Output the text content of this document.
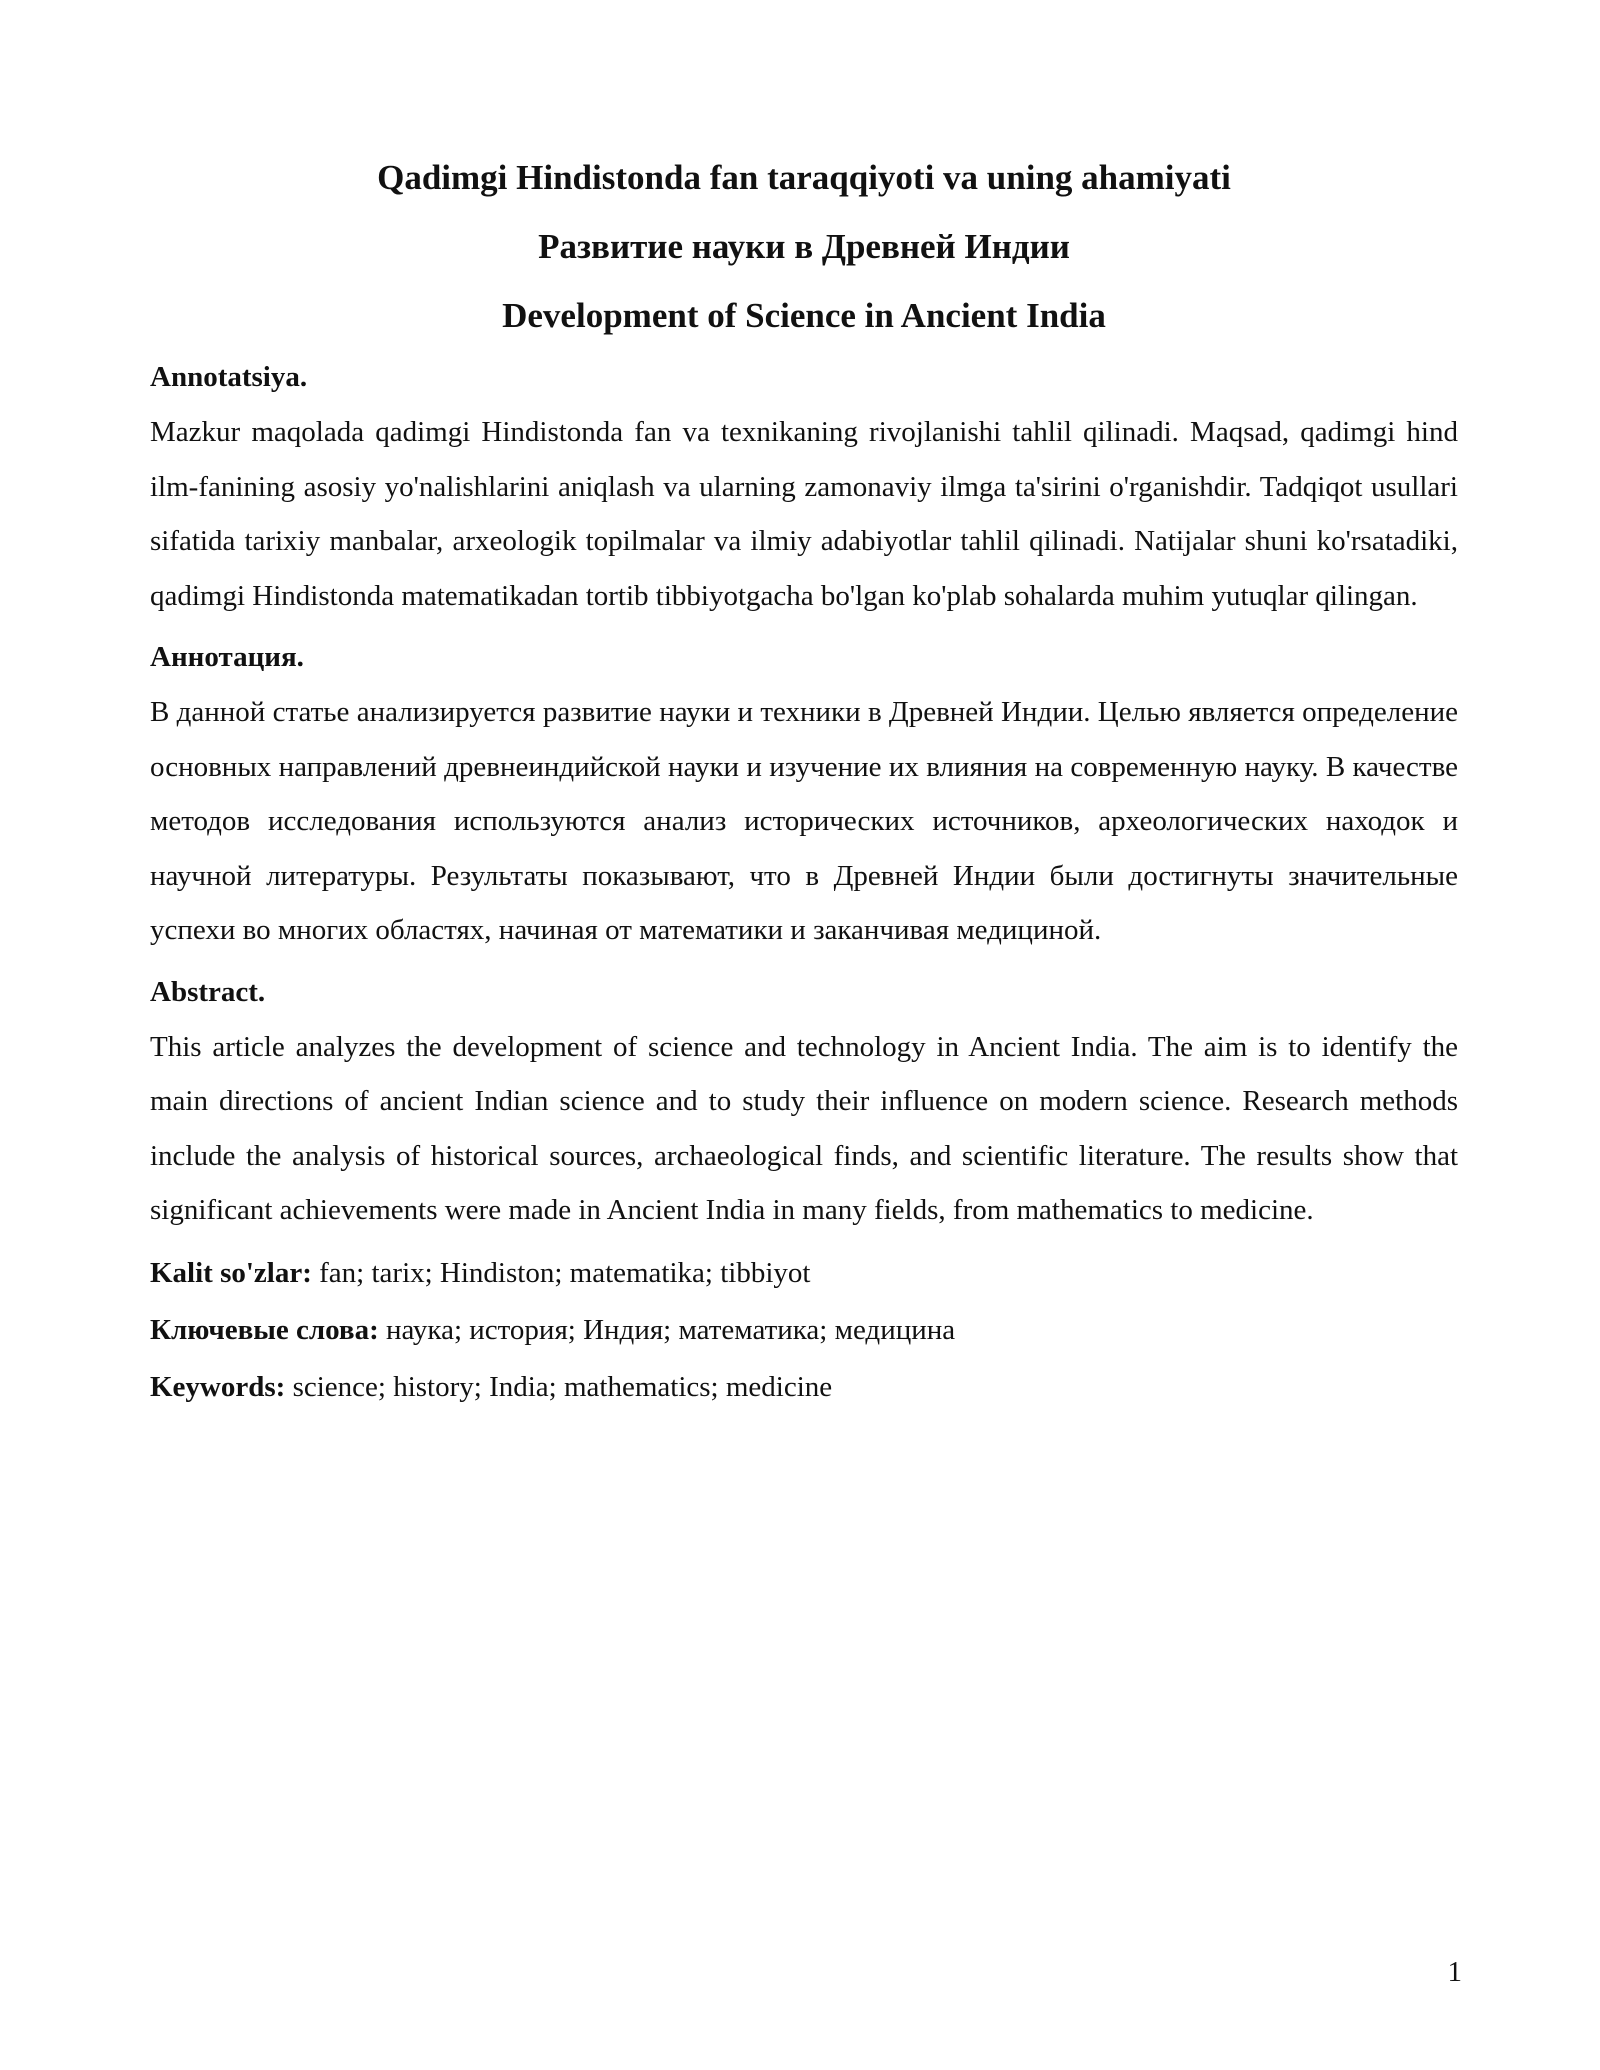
Qadimgi Hindistonda fan taraqqiyoti va uning ahamiyati

Развитие науки в Древней Индии

Development of Science in Ancient India

Annotatsiya.

Mazkur maqolada qadimgi Hindistonda fan va texnikaning rivojlanishi tahlil qilinadi. Maqsad, qadimgi hind ilm-fanining asosiy yo'nalishlarini aniqlash va ularning zamonaviy ilmga ta'sirini o'rganishdir. Tadqiqot usullari sifatida tarixiy manbalar, arxeologik topilmalar va ilmiy adabiyotlar tahlil qilinadi. Natijalar shuni ko'rsatadiki, qadimgi Hindistonda matematikadan tortib tibbiyotgacha bo'lgan ko'plab sohalarda muhim yutuqlar qilingan.

Аннотация.

В данной статье анализируется развитие науки и техники в Древней Индии. Целью является определение основных направлений древнеиндийской науки и изучение их влияния на современную науку. В качестве методов исследования используются анализ исторических источников, археологических находок и научной литературы. Результаты показывают, что в Древней Индии были достигнуты значительные успехи во многих областях, начиная от математики и заканчивая медициной.

Abstract.

This article analyzes the development of science and technology in Ancient India. The aim is to identify the main directions of ancient Indian science and to study their influence on modern science. Research methods include the analysis of historical sources, archaeological finds, and scientific literature. The results show that significant achievements were made in Ancient India in many fields, from mathematics to medicine.

Kalit so'zlar: fan; tarix; Hindiston; matematika; tibbiyot

Ключевые слова: наука; история; Индия; математика; медицина

Keywords: science; history; India; mathematics; medicine

1
